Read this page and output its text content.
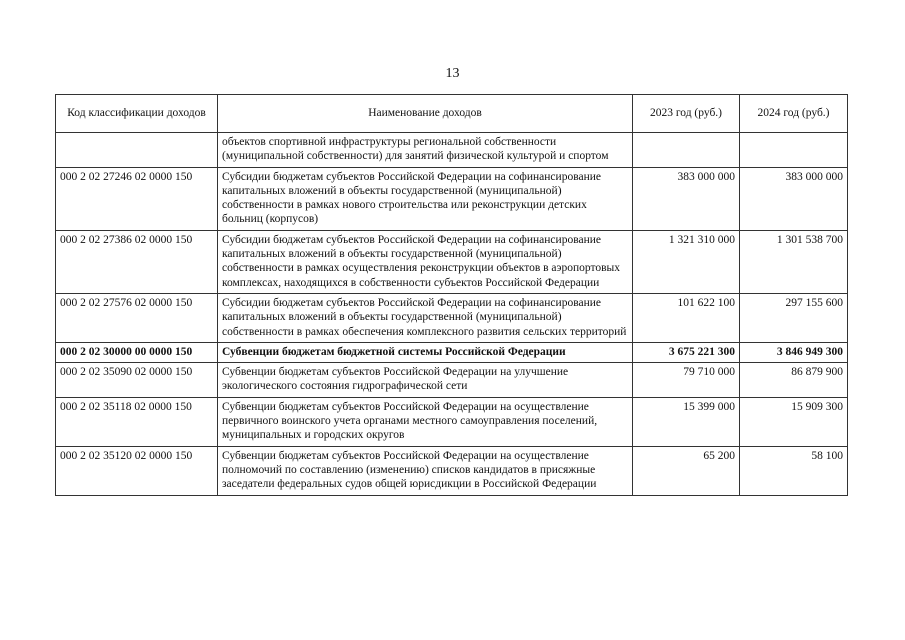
13
Код классификации доходов	Наименование доходов	2023 год (руб.)	2024 год (руб.)
	объектов спортивной инфраструктуры региональной собственности (муниципальной собственности) для занятий физической культурой и спортом		
000 2 02 27246 02 0000 150	Субсидии бюджетам субъектов Российской Федерации на софинансирование капитальных вложений в объекты государственной (муниципальной) собственности в рамках нового строительства или реконструкции детских больниц (корпусов)	383 000 000	383 000 000
000 2 02 27386 02 0000 150	Субсидии бюджетам субъектов Российской Федерации на софинансирование капитальных вложений в объекты государственной (муниципальной) собственности в рамках осуществления реконструкции объектов в аэропортовых комплексах, находящихся в собственности субъектов Российской Федерации	1 321 310 000	1 301 538 700
000 2 02 27576 02 0000 150	Субсидии бюджетам субъектов Российской Федерации на софинансирование капитальных вложений в объекты государственной (муниципальной) собственности в рамках обеспечения комплексного развития сельских территорий	101 622 100	297 155 600
000 2 02 30000 00 0000 150	Субвенции бюджетам бюджетной системы Российской Федерации	3 675 221 300	3 846 949 300
000 2 02 35090 02 0000 150	Субвенции бюджетам субъектов Российской Федерации на улучшение экологического состояния гидрографической сети	79 710 000	86 879 900
000 2 02 35118 02 0000 150	Субвенции бюджетам субъектов Российской Федерации на осуществление первичного воинского учета органами местного самоуправления поселений, муниципальных и городских округов	15 399 000	15 909 300
000 2 02 35120 02 0000 150	Субвенции бюджетам субъектов Российской Федерации на осуществление полномочий по составлению (изменению) списков кандидатов в присяжные заседатели федеральных судов общей юрисдикции в Российской Федерации	65 200	58 100
